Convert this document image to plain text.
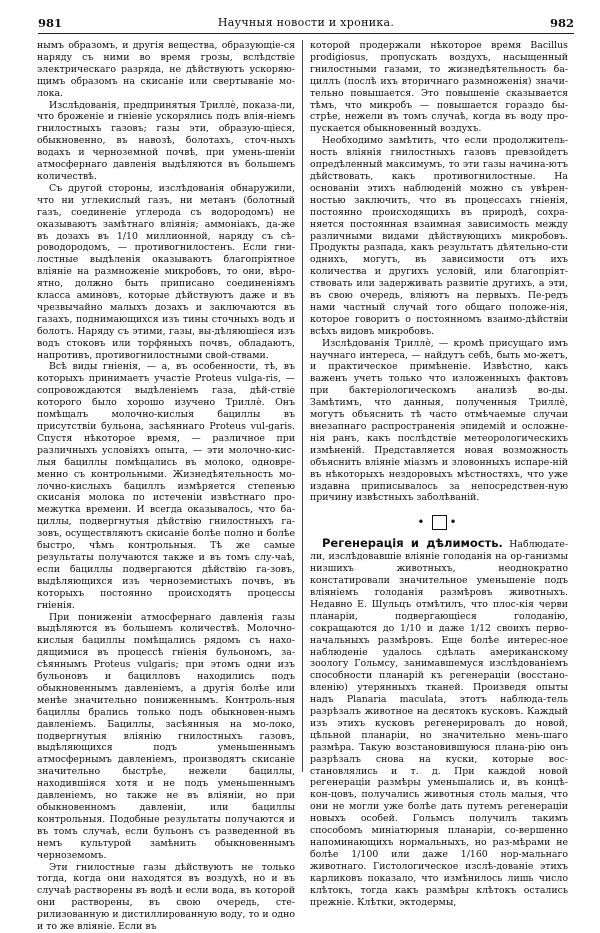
981	Научныя новости и хроника.	982

нымъ образомъ, и другія вещества, образующіе-ся наряду съ ними во время грозы, вслѣдствіе электрическаго разряда, не дѣйствуютъ ускоряю-щимъ образомъ на скисаніе или свертываніе мо-лока.

Изслѣдованія, предпринятыя Триллѐ, показа-ли, что броженіе и гніеніе ускорялись подъ влія-ніемъ гнилостныхъ газовъ; газы эти, образую-щіеся, обыкновенно, въ навозѣ, болотахъ, сточ-ныхъ водахъ и черноземной почвѣ, при умень-шеніи атмосфернаго давленія выдѣляются въ большемъ количествѣ.

Съ другой стороны, изслѣдованія обнаружили, что ни углекислый газъ, ни метанъ (болотный газъ, соединеніе углерода съ водородомъ) не оказываютъ замѣтнаго вліянія; аммоніакъ, да-же въ дозахъ въ 1/10 миллионной, наряду съ сѣ-роводородомъ, — противогнилостенъ. Если гни-лостные выдѣленія оказываютъ благопріятное вліяніе на размноженіе микробовъ, то они, вѣро-ятно, должно быть приписано соединеніямъ класса аминовъ, которые дѣйствуютъ даже и въ чрезвычайно малыхъ дозахъ и заключаются въ газахъ, поднимающихся изъ тины сточныхъ водъ и болотъ. Наряду съ этими, газы, вы-дѣляющіеся изъ водъ стоковъ или торфяныхъ почвъ, обладаютъ, напротивъ, противогнилостными свой-ствами.

Всѣ виды гніенія, — а, въ особенности, тѣ, въ которыхъ принимаетъ участіе Proteus vulga-ris, — сопровождаются выдѣленіемъ газа, дѣй-ствіе которого было хорошо изучено Триллѐ. Онъ помѣщалъ молочно-кислыя бациллы въ присутствіи бульона, засѣяннаго Proteus vul-garis. Спустя нѣкоторое время, — различное при различныхъ условіяхъ опыта, — эти молочно-кис-лыя бациллы помѣщались въ молоко, одновре-менно съ контрольными. Жизнедѣятельность мо-лочно-кислыхъ бациллъ измѣряется степенью скисанія молока по истеченіи извѣстнаго про-межутка времени. И всегда оказывалось, что ба-циллы, подвергнутыя дѣйствію гнилостныхъ га-зовъ, осуществляютъ скисаніе болѣе полно и болѣе быстро, чѣмъ контрольныя. Тѣ же самые результаты получаются также и въ томъ слу-чаѣ, если бациллы подвергаются дѣйствію га-зовъ, выдѣляющихся изъ черноземистыхъ почвъ, въ которыхъ постоянно происходятъ процессы гніенія.

При пониженіи атмосфернаго давленія газы выдѣляются въ большемъ количествѣ. Молочно-кислыя бациллы помѣщались рядомъ съ нахо-дящимися въ процессѣ гніенія бульономъ, за-сѣяннымъ Proteus vulgaris; при этомъ одни изъ бульоновъ и бацилловъ находились подъ обыкновеннымъ давленіемъ, а другія болѣе или менѣе значительно пониженнымъ. Контроль-ныя бациллы брались только подъ обыкновен-нымъ давленіемъ. Бациллы, засѣянныя на мо-локо, подвергнутыя вліянію гнилостныхъ газовъ, выдѣляющихся подъ уменьшеннымъ атмосфернымъ давленіемъ, производятъ скисаніе значительно быстрѣе, нежели бациллы, находившіяся хотя и не подъ уменьшеннымъ давленіемъ, но также не въ вліяніи, но при обыкновенномъ давленіи, или бациллы контрольныя. Подобные результаты получаются и въ томъ случаѣ, если бульонъ съ разведенной въ немъ культурой замѣнить обыкновеннымъ черноземомъ.

Эти гнилостные газы дѣйствуютъ не только тогда, когда они находятся въ воздухѣ, но и въ случаѣ растворены въ водѣ и если вода, въ которой они растворены, въ свою очередь, сте-рилизованную и дистиллированную воду, то и одно и то же вліяніе. Если въ

которой продержали нѣкоторое время Bacillus prodigiosus, пропускать воздухъ, насыщенный гнилостными газами, то жизнедѣятельность ба-циллъ (послѣ ихъ вторичнаго размноженія) значи-тельно повышается. Это повышеніе сказывается тѣмъ, что микробъ — повышается гораздо бы-стрѣе, нежели въ томъ случаѣ, когда въ воду про-пускается обыкновенный воздухъ.

Необходимо замѣтить, что если продолжитель-ность вліянія гнилостныхъ газовъ превзойдетъ опредѣленный максимумъ, то эти газы начина-ютъ дѣйствовать, какъ противогнилостные. На основаніи этихъ наблюденій можно съ увѣрен-ностью заключить, что въ процессахъ гніенія, постоянно происходящихъ въ природѣ, сохра-няется постоянная взаимная зависимость между различными видами дѣйствующихъ микробовъ. Продукты разпада, какъ результатъ дѣятельно-сти однихъ, могутъ, въ зависимости отъ ихъ количества и другихъ условій, или благопріят-ствовать или задерживать развитіе другихъ, а эти, въ свою очередь, вліяютъ на первыхъ. Пе-редъ нами частный случай того общаго положе-нія, которое говоритъ о постоянномъ взаимо-дѣйствіи всѣхъ видовъ микробовъ.

Изслѣдованія Триллѐ, — кромѣ присущаго имъ научнаго интереса, — найдутъ себѣ, быть мо-жетъ, и практическое примѣненіе. Извѣстно, какъ важенъ учетъ только что изложенныхъ фактовъ при бактеріологическомъ анализѣ во-ды. Замѣтимъ, что данныя, полученныя Триллѐ, могутъ объяснить тѣ часто отмѣчаемые случаи внезапнаго распространенія эпидемій и осложне-нія ранъ, какъ послѣдствіе метеорологическихъ измѣненій. Представляется новая возможность объяснить вліяніе міазмъ и зловонныхъ испаре-ній въ нѣкоторыхъ нездоровыхъ мѣстностяхъ, что уже издавна приписывалось за непосредствен-ную причину извѣстныхъ заболѣваній.

• •

Регенерація и дѣлимость. Наблюдате-ли, изслѣдовавшіе вліяніе голоданія на ор-ганизмы низшихъ животныхъ, неоднократно констатировали значительное уменьшеніе подъ вліяніемъ голоданія размѣровъ животныхъ. Недавно Е. Шульцъ отмѣтилъ, что плос-кія черви планаріи, подвергающіеся голоданію, сокращаются до 1/10 и даже 1/12 своихъ перво-начальныхъ размѣровъ. Еще болѣе интерес-ное наблюденіе удалось сдѣлать американскому зоологу Гольмсу, занимавшемуся изслѣдованіемъ способности планарій къ регенераціи (восстано-вленію) утерянныхъ тканей. Произведя опыты надъ Planaria maculata, этотъ наблюда-тель разрѣзалъ животное на десятокъ кусковъ. Каждый изъ этихъ кусковъ регенерировалъ до новой, цѣльной планаріи, но значительно мень-шаго размѣра. Такую возстановившуюся плана-рію онъ разрѣзалъ снова на куски, которые вос-становлялись и т. д. При каждой новой регенераціи размѣры уменьшались и, въ концѣ-кон-цовъ, получались животныя столь малыя, что они не могли уже болѣе дать путемъ регенераціи новыхъ особей. Гольмсъ получилъ такимъ способомъ миніатюрныя планаріи, со-вершенно напоминающихъ нормальныхъ, но раз-мѣрами не болѣе 1/100 или даже 1/160 нор-мальнаго животнаго. Гистологическое изслѣ-дованіе этихъ карликовъ показало, что измѣнилось лишь число клѣтокъ, тогда какъ размѣры клѣтокъ остались прежніе. Клѣтки, эктодермы,
